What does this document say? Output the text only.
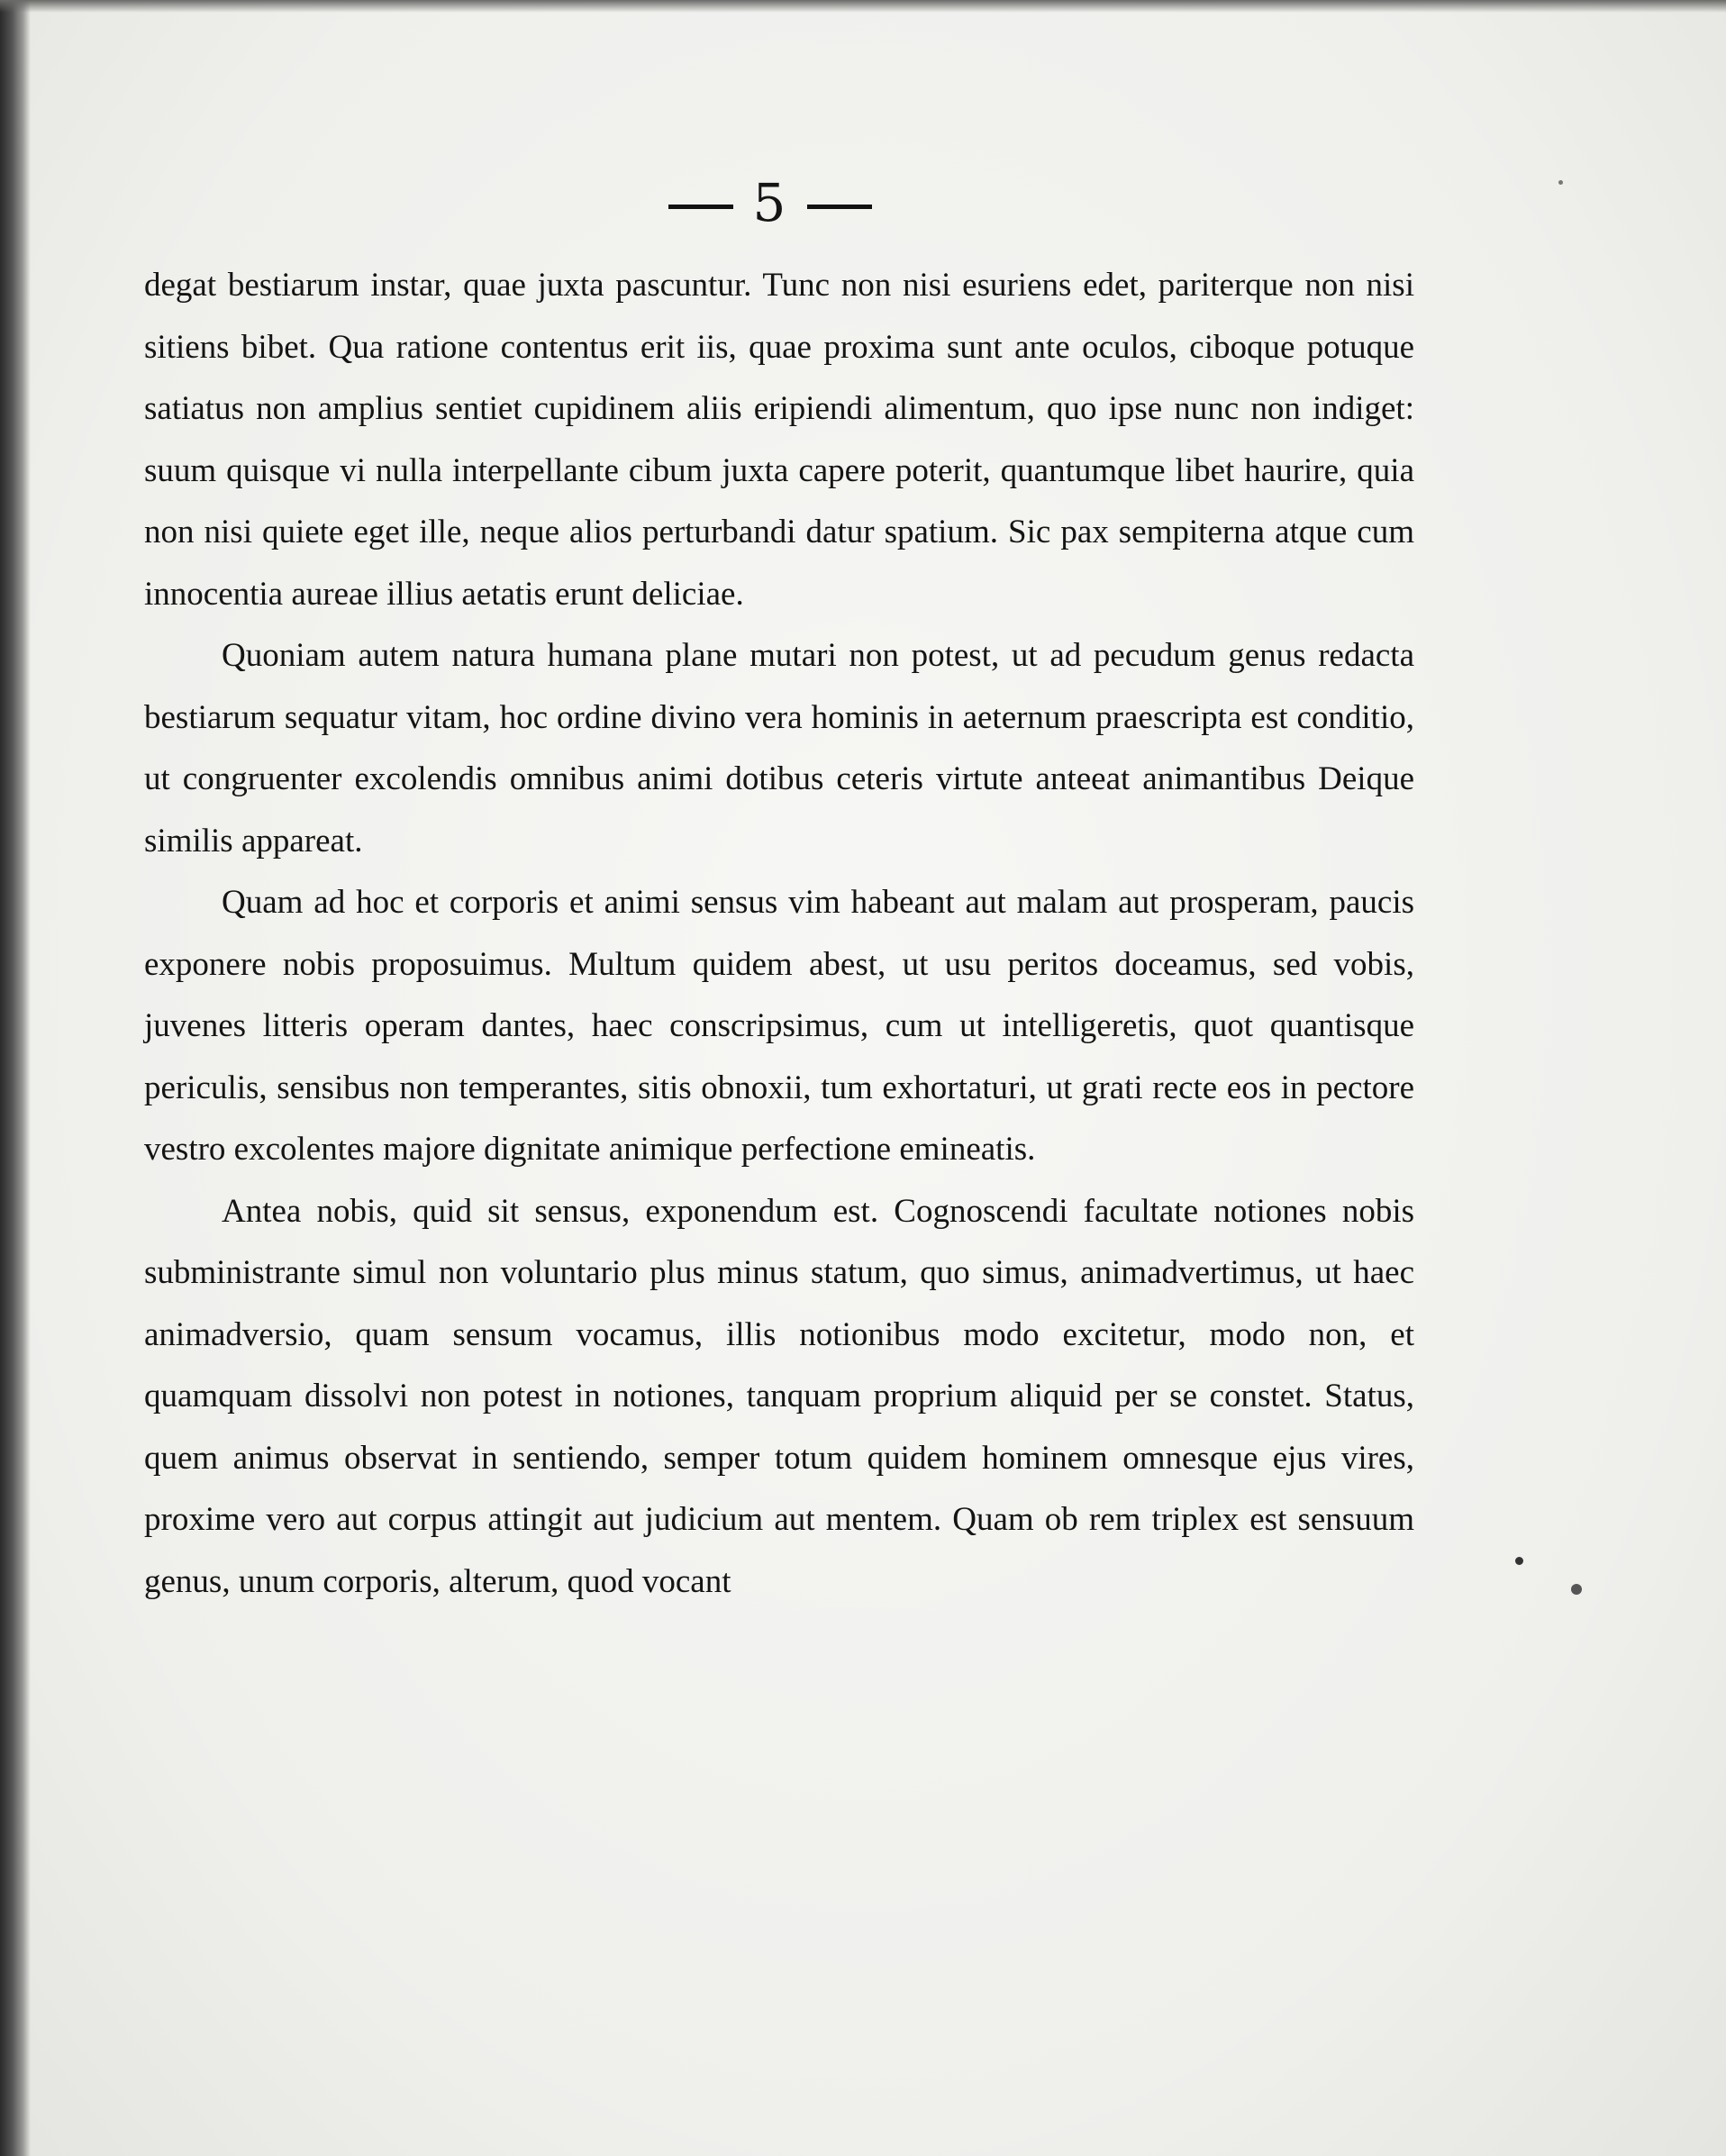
5

degat bestiarum instar, quae juxta pascuntur. Tunc non nisi esuriens edet, pariterque non nisi sitiens bibet. Qua ratione contentus erit iis, quae proxima sunt ante oculos, ciboque potuque satiatus non amplius sentiet cupidinem aliis eripiendi alimentum, quo ipse nunc non indiget: suum quisque vi nulla interpellante cibum juxta capere poterit, quantumque libet haurire, quia non nisi quiete eget ille, neque alios perturbandi datur spatium. Sic pax sempiterna atque cum innocentia aureae illius aetatis erunt deliciae.

Quoniam autem natura humana plane mutari non potest, ut ad pecudum genus redacta bestiarum sequatur vitam, hoc ordine divino vera hominis in aeternum praescripta est conditio, ut congruenter excolendis omnibus animi dotibus ceteris virtute anteeat animantibus Deique similis appareat.

Quam ad hoc et corporis et animi sensus vim habeant aut malam aut prosperam, paucis exponere nobis proposuimus. Multum quidem abest, ut usu peritos doceamus, sed vobis, juvenes litteris operam dantes, haec conscripsimus, cum ut intelligeretis, quot quantisque periculis, sensibus non temperantes, sitis obnoxii, tum exhortaturi, ut grati recte eos in pectore vestro excolentes majore dignitate animique perfectione emineatis.

Antea nobis, quid sit sensus, exponendum est. Cognoscendi facultate notiones nobis subministrante simul non voluntario plus minus statum, quo simus, animadvertimus, ut haec animadversio, quam sensum vocamus, illis notionibus modo excitetur, modo non, et quamquam dissolvi non potest in notiones, tanquam proprium aliquid per se constet. Status, quem animus observat in sentiendo, semper totum quidem hominem omnesque ejus vires, proxime vero aut corpus attingit aut judicium aut mentem. Quam ob rem triplex est sensuum genus, unum corporis, alterum, quod vocant
